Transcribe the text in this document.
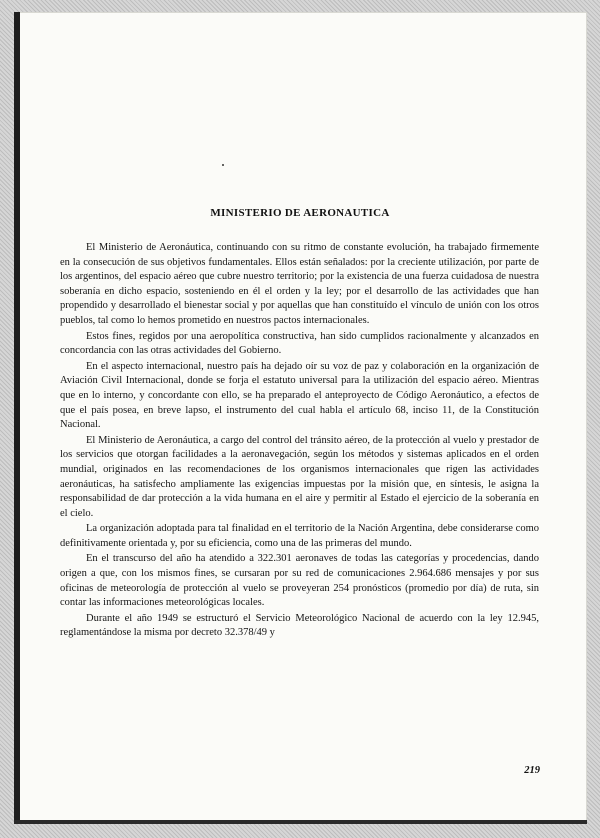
MINISTERIO DE AERONAUTICA

El Ministerio de Aeronáutica, continuando con su ritmo de constante evolución, ha trabajado firmemente en la consecución de sus objetivos fundamentales. Ellos están señalados: por la creciente utilización, por parte de los argentinos, del espacio aéreo que cubre nuestro territorio; por la existencia de una fuerza cuidadosa de nuestra soberanía en dicho espacio, sosteniendo en él el orden y la ley; por el desarrollo de las actividades que han propendido y desarrollado el bienestar social y por aquellas que han constituído el vínculo de unión con los otros pueblos, tal como lo hemos prometido en nuestros pactos internacionales.

Estos fines, regidos por una aeropolítica constructiva, han sido cumplidos racionalmente y alcanzados en concordancia con las otras actividades del Gobierno.

En el aspecto internacional, nuestro país ha dejado oír su voz de paz y colaboración en la organización de Aviación Civil Internacional, donde se forja el estatuto universal para la utilización del espacio aéreo. Mientras que en lo interno, y concordante con ello, se ha preparado el anteproyecto de Código Aeronáutico, a efectos de que el país posea, en breve lapso, el instrumento del cual habla el artículo 68, inciso 11, de la Constitución Nacional.

El Ministerio de Aeronáutica, a cargo del control del tránsito aéreo, de la protección al vuelo y prestador de los servicios que otorgan facilidades a la aeronavegación, según los métodos y sistemas aplicados en el orden mundial, originados en las recomendaciones de los organismos internacionales que rigen las actividades aeronáuticas, ha satisfecho ampliamente las exigencias impuestas por la misión que, en síntesis, le asigna la responsabilidad de dar protección a la vida humana en el aire y permitir al Estado el ejercicio de la soberanía en el cielo.

La organización adoptada para tal finalidad en el territorio de la Nación Argentina, debe considerarse como definitivamente orientada y, por su eficiencia, como una de las primeras del mundo.

En el transcurso del año ha atendido a 322.301 aeronaves de todas las categorías y procedencias, dando origen a que, con los mismos fines, se cursaran por su red de comunicaciones 2.964.686 mensajes y por sus oficinas de meteorología de protección al vuelo se proveyeran 254 pronósticos (promedio por día) de ruta, sin contar las informaciones meteorológicas locales.

Durante el año 1949 se estructuró el Servicio Meteorológico Nacional de acuerdo con la ley 12.945, reglamentándose la misma por decreto 32.378/49 y

219
